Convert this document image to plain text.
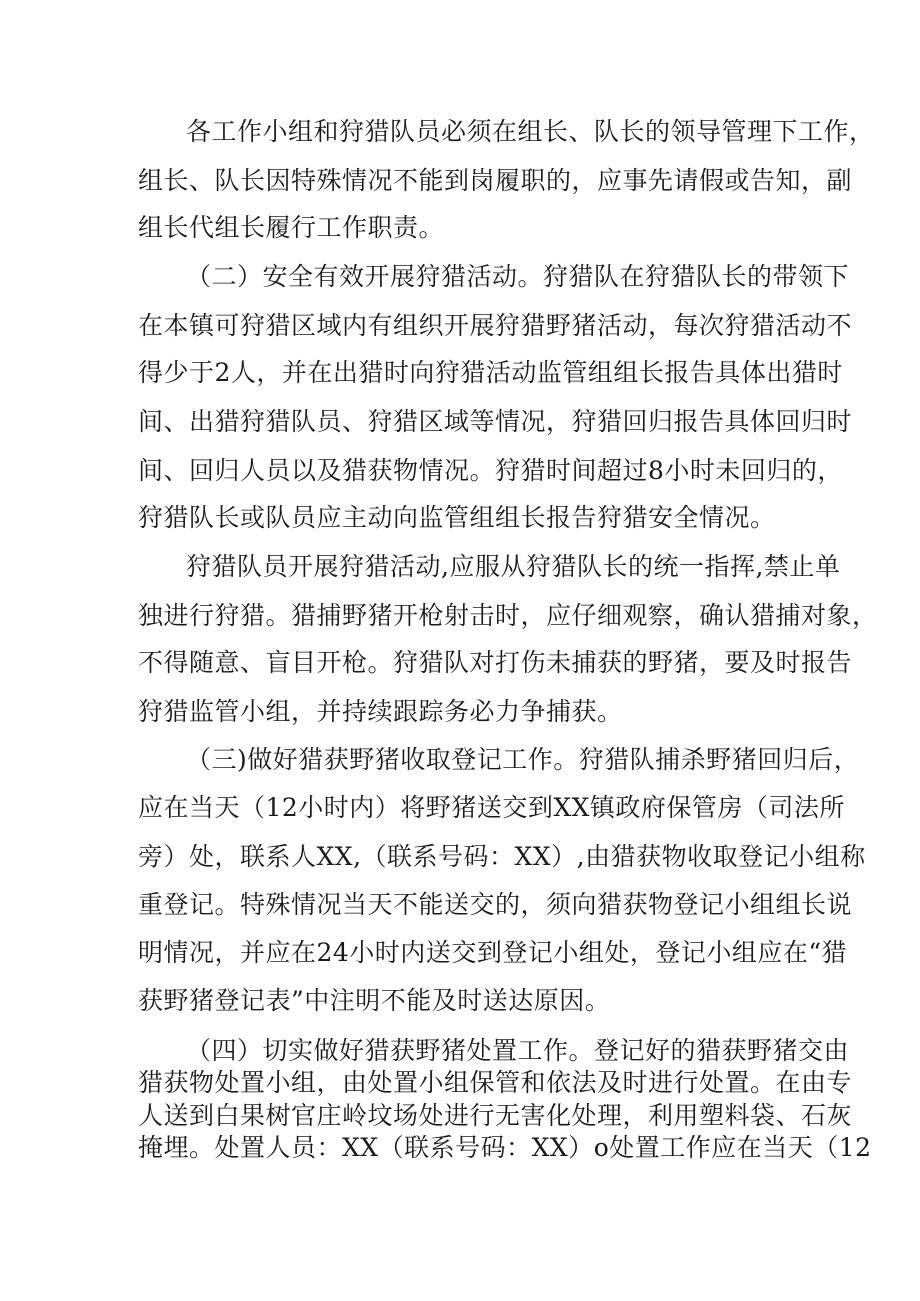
各工作小组和狩猎队员必须在组长、队长的领导管理下工作，
组长、队长因特殊情况不能到岗履职的，应事先请假或告知，副
组长代组长履行工作职责。
（二）安全有效开展狩猎活动。狩猎队在狩猎队长的带领下
在本镇可狩猎区域内有组织开展狩猎野猪活动，每次狩猎活动不
得少于2人，并在出猎时向狩猎活动监管组组长报告具体出猎时
间、出猎狩猎队员、狩猎区域等情况，狩猎回归报告具体回归时
间、回归人员以及猎获物情况。狩猎时间超过8小时未回归的，
狩猎队长或队员应主动向监管组组长报告狩猎安全情况。
狩猎队员开展狩猎活动,应服从狩猎队长的统一指挥,禁止单
独进行狩猎。猎捕野猪开枪射击时，应仔细观察，确认猎捕对象，
不得随意、盲目开枪。狩猎队对打伤未捕获的野猪，要及时报告
狩猎监管小组，并持续跟踪务必力争捕获。
（三)做好猎获野猪收取登记工作。狩猎队捕杀野猪回归后，
应在当天（12小时内）将野猪送交到XX镇政府保管房（司法所
旁）处，联系人XX,（联系号码：XX）,由猎获物收取登记小组称
重登记。特殊情况当天不能送交的，须向猎获物登记小组组长说
明情况，并应在24小时内送交到登记小组处，登记小组应在“猎
获野猪登记表”中注明不能及时送达原因。
（四）切实做好猎获野猪处置工作。登记好的猎获野猪交由
猎获物处置小组，由处置小组保管和依法及时进行处置。在由专
人送到白果树官庄岭坟场处进行无害化处理，利用塑料袋、石灰
掩埋。处置人员：XX（联系号码：XX）o处置工作应在当天（12
